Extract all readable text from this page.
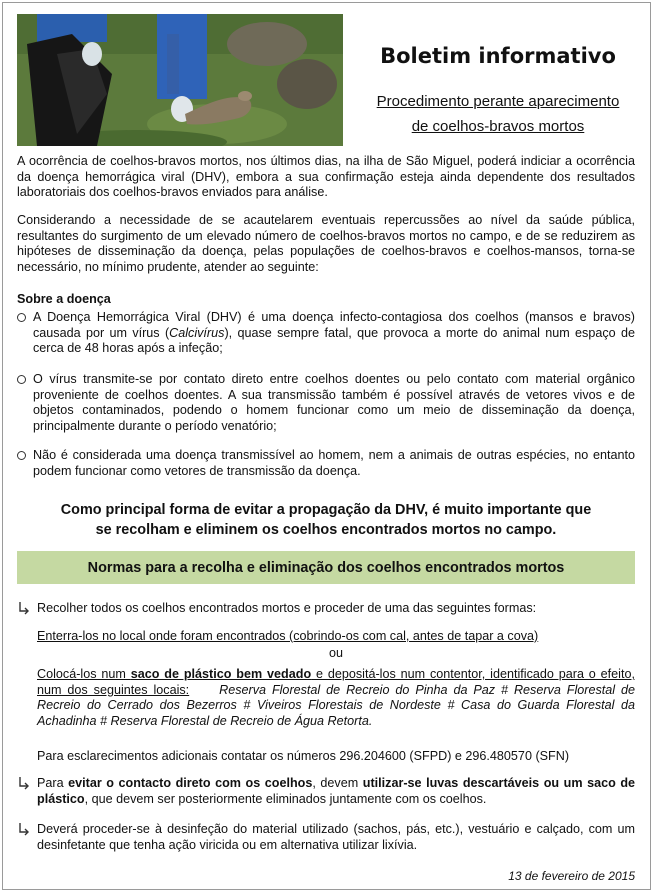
Boletim informativo
Procedimento perante aparecimento
de coelhos-bravos mortos

A ocorrência de coelhos-bravos mortos, nos últimos dias, na ilha de São Miguel, poderá indiciar a ocorrência da doença hemorrágica viral (DHV), embora a sua confirmação esteja ainda dependente dos resultados laboratoriais dos coelhos-bravos enviados para análise.

Considerando a necessidade de se acautelarem eventuais repercussões ao nível da saúde pública, resultantes do surgimento de um elevado número de coelhos-bravos mortos no campo, e de se reduzirem as hipóteses de disseminação da doença, pelas populações de coelhos-bravos e coelhos-mansos, torna-se necessário, no mínimo prudente, atender ao seguinte:

Sobre a doença

A Doença Hemorrágica Viral (DHV) é uma doença infecto-contagiosa dos coelhos (mansos e bravos) causada por um vírus (Calcivírus), quase sempre fatal, que provoca a morte do animal num espaço de cerca de 48 horas após a infeção;
O vírus transmite-se por contato direto entre coelhos doentes ou pelo contato com material orgânico proveniente de coelhos doentes. A sua transmissão também é possível através de vetores vivos e de objetos contaminados, podendo o homem funcionar como um meio de disseminação da doença, principalmente durante o período venatório;
Não é considerada uma doença transmissível ao homem, nem a animais de outras espécies, no entanto podem funcionar como vetores de transmissão da doença.
Como principal forma de evitar a propagação da DHV, é muito importante que
se recolham e eliminem os coelhos encontrados mortos no campo.
Normas para a recolha e eliminação dos coelhos encontrados mortos

Recolher todos os coelhos encontrados mortos e proceder de uma das seguintes formas:

Enterra-los no local onde foram encontrados (cobrindo-os com cal, antes de tapar a cova)

ou

Colocá-los num saco de plástico bem vedado e depositá-los num contentor, identificado para o efeito, num dos seguintes locais: Reserva Florestal de Recreio do Pinha da Paz # Reserva Florestal de Recreio do Cerrado dos Bezerros # Viveiros Florestais de Nordeste # Casa do Guarda Florestal da Achadinha # Reserva Florestal de Recreio de Água Retorta.

Para esclarecimentos adicionais contatar os números 296.204600 (SFPD) e 296.480570 (SFN)

Para evitar o contacto direto com os coelhos, devem utilizar-se luvas descartáveis ou um saco de plástico, que devem ser posteriormente eliminados juntamente com os coelhos.

Deverá proceder-se à desinfeção do material utilizado (sachos, pás, etc.), vestuário e calçado, com um desinfetante que tenha ação viricida ou em alternativa utilizar lixívia.

13 de fevereiro de 2015
